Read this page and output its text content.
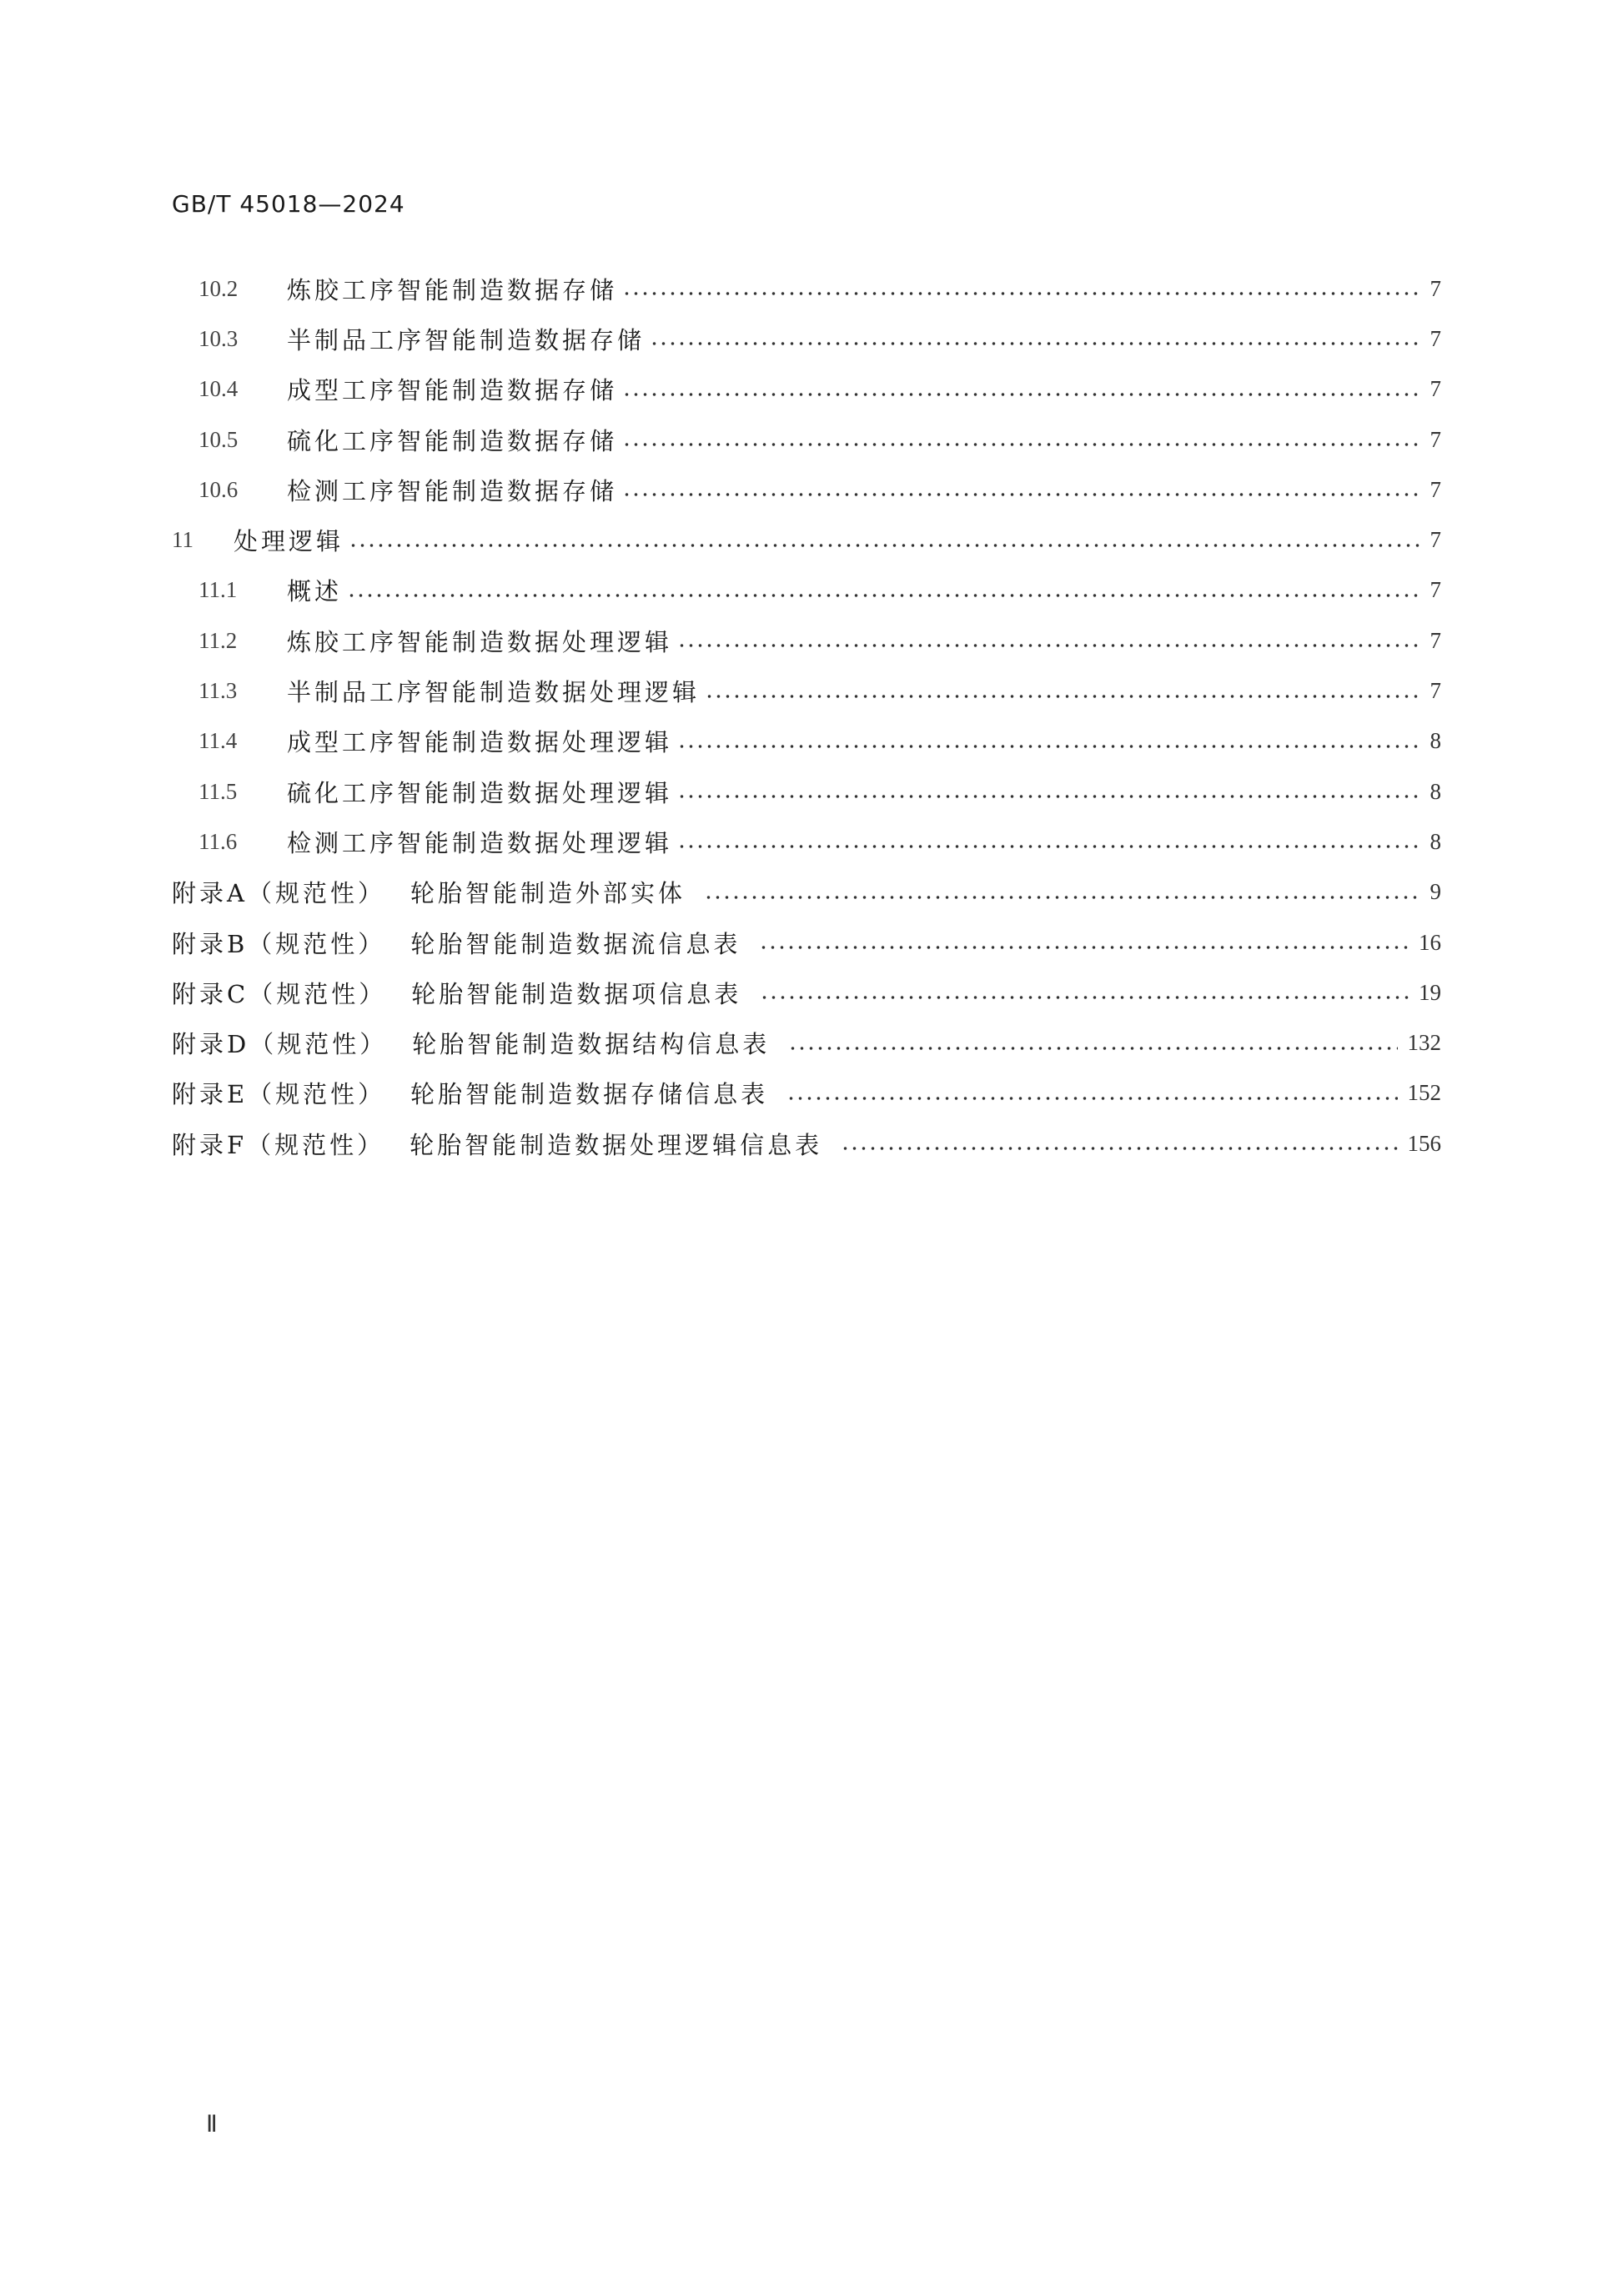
GB/T 45018—2024
10.2	炼胶工序智能制造数据存储	7
10.3	半制品工序智能制造数据存储	7
10.4	成型工序智能制造数据存储	7
10.5	硫化工序智能制造数据存储	7
10.6	检测工序智能制造数据存储	7
11	处理逻辑	7
11.1	概述	7
11.2	炼胶工序智能制造数据处理逻辑	7
11.3	半制品工序智能制造数据处理逻辑	7
11.4	成型工序智能制造数据处理逻辑	8
11.5	硫化工序智能制造数据处理逻辑	8
11.6	检测工序智能制造数据处理逻辑	8
附录A（规范性） 轮胎智能制造外部实体	9
附录B（规范性） 轮胎智能制造数据流信息表	16
附录C（规范性） 轮胎智能制造数据项信息表	19
附录D（规范性） 轮胎智能制造数据结构信息表	132
附录E（规范性） 轮胎智能制造数据存储信息表	152
附录F（规范性） 轮胎智能制造数据处理逻辑信息表	156
Ⅱ
